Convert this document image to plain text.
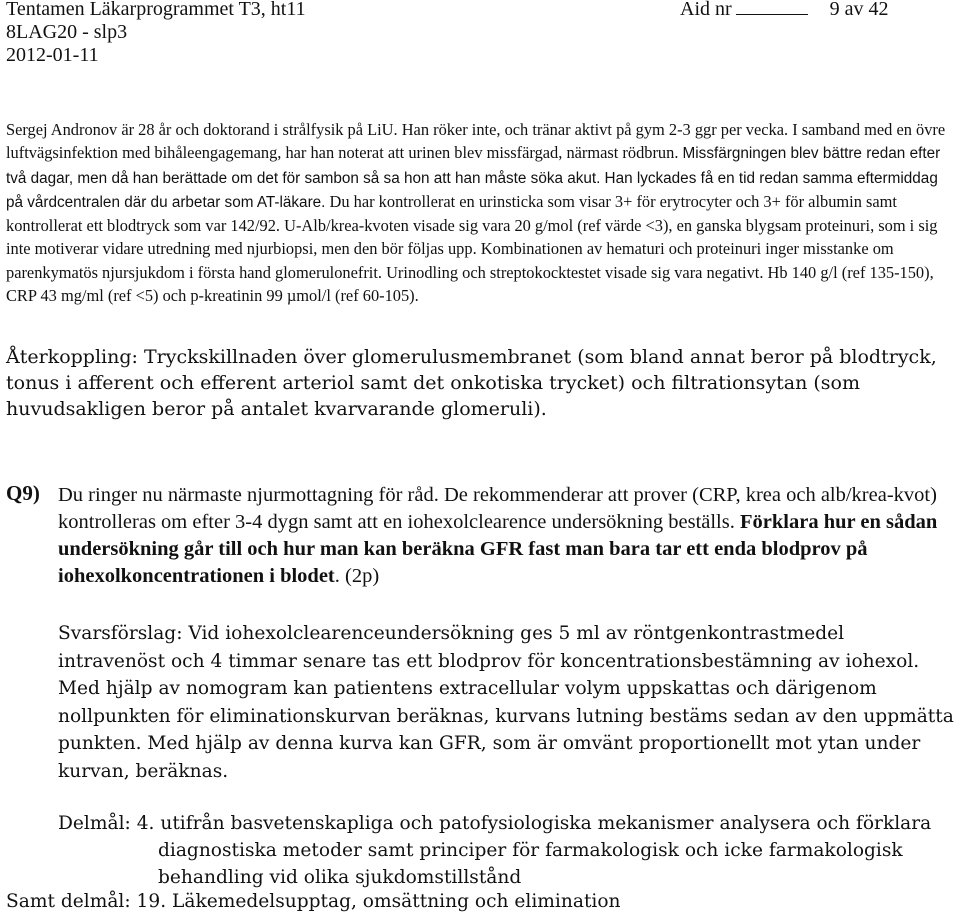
Tentamen Läkarprogrammet T3, ht11
8LAG20 - slp3
2012-01-11
Aid nr	9 av 42
Sergej Andronov är 28 år och doktorand i strålfysik på LiU. Han röker inte, och tränar aktivt på gym 2-3 ggr per vecka. I samband med en övre luftvägsinfektion med bihåleengagemang, har han noterat att urinen blev missfärgad, närmast rödbrun. Missfärgningen blev bättre redan efter två dagar, men då han berättade om det för sambon så sa hon att han måste söka akut. Han lyckades få en tid redan samma eftermiddag på vårdcentralen där du arbetar som AT-läkare. Du har kontrollerat en urinsticka som visar 3+ för erytrocyter och 3+ för albumin samt kontrollerat ett blodtryck som var 142/92. U-Alb/krea-kvoten visade sig vara 20 g/mol (ref värde <3), en ganska blygsam proteinuri, som i sig inte motiverar vidare utredning med njurbiopsi, men den bör följas upp. Kombinationen av hematuri och proteinuri inger misstanke om parenkymatös njursjukdom i första hand glomerulonefrit. Urinodling och streptokocktestet visade sig vara negativt. Hb 140 g/l (ref 135-150), CRP 43 mg/ml (ref <5) och p-kreatinin 99 µmol/l (ref 60-105).
Återkoppling: Tryckskillnaden över glomerulusmembranet (som bland annat beror på blodtryck, tonus i afferent och efferent arteriol samt det onkotiska trycket) och filtrationsytan (som huvudsakligen beror på antalet kvarvarande glomeruli).
Q9) Du ringer nu närmaste njurmottagning för råd. De rekommenderar att prover (CRP, krea och alb/krea-kvot) kontrolleras om efter 3-4 dygn samt att en iohexolclearence undersökning beställs. Förklara hur en sådan undersökning går till och hur man kan beräkna GFR fast man bara tar ett enda blodprov på iohexolkoncentrationen i blodet. (2p)
Svarsförslag: Vid iohexolclearenceundersökning ges 5 ml av röntgenkontrastmedel intravenöst och 4 timmar senare tas ett blodprov för koncentrationsbestämning av iohexol. Med hjälp av nomogram kan patientens extracellular volym uppskattas och därigenom nollpunkten för eliminationskurvan beräknas, kurvans lutning bestäms sedan av den uppmätta punkten. Med hjälp av denna kurva kan GFR, som är omvänt proportionellt mot ytan under kurvan, beräknas.
Delmål: 4. utifrån basvetenskapliga och patofysiologiska mekanismer analysera och förklara
diagnostiska metoder samt principer för farmakologisk och icke farmakologisk
behandling vid olika sjukdomstillstånd
Samt delmål: 19. Läkemedelsupptag, omsättning och elimination
